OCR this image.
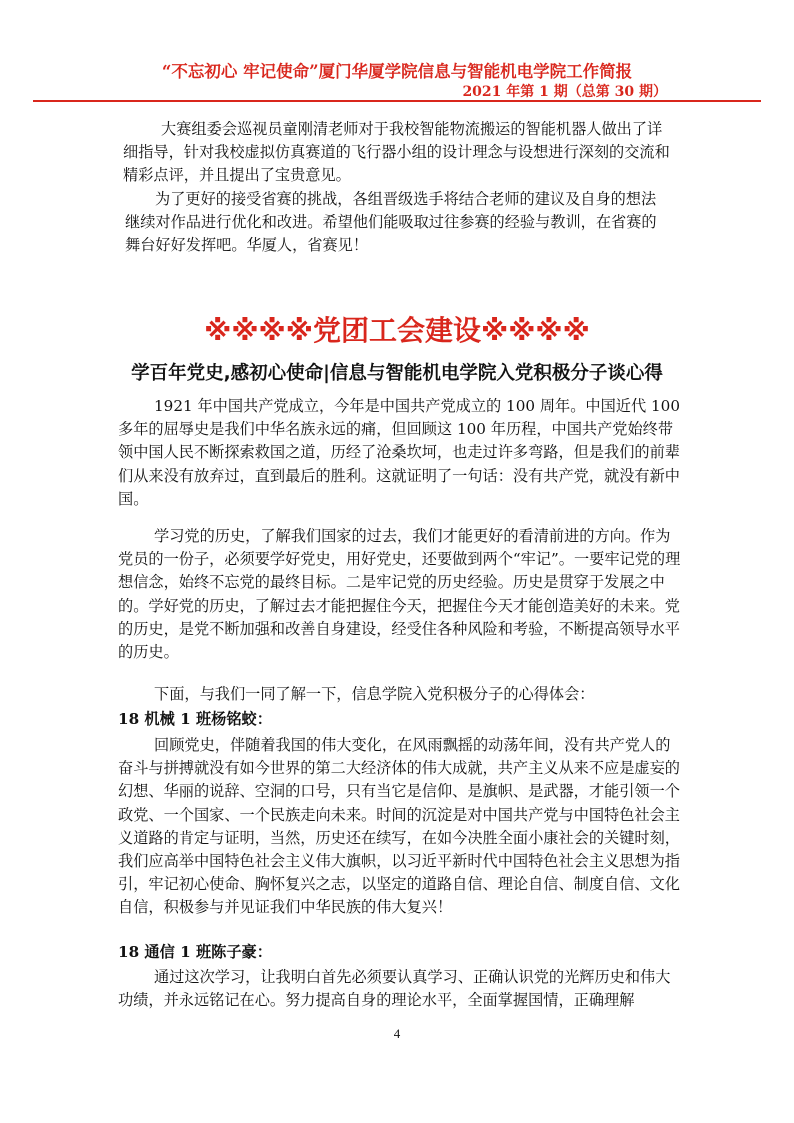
“不忘初心 牢记使命”厦门华厦学院信息与智能机电学院工作简报
2021 年第 1 期（总第 30 期）

大赛组委会巡视员童刚清老师对于我校智能物流搬运的智能机器人做出了详细指导，针对我校虚拟仿真赛道的飞行器小组的设计理念与设想进行深刻的交流和精彩点评，并且提出了宝贵意见。

为了更好的接受省赛的挑战，各组晋级选手将结合老师的建议及自身的想法继续对作品进行优化和改进。希望他们能吸取过往参赛的经验与教训，在省赛的舞台好好发挥吧。华厦人，省赛见！

※※※※党团工会建设※※※※
学百年党史,感初心使命|信息与智能机电学院入党积极分子谈心得

1921 年中国共产党成立，今年是中国共产党成立的 100 周年。中国近代 100 多年的屈辱史是我们中华名族永远的痛，但回顾这 100 年历程，中国共产党始终带领中国人民不断探索救国之道，历经了沧桑坎坷，也走过许多弯路，但是我们的前辈们从来没有放弃过，直到最后的胜利。这就证明了一句话：没有共产党，就没有新中国。

学习党的历史，了解我们国家的过去，我们才能更好的看清前进的方向。作为党员的一份子，必须要学好党史，用好党史，还要做到两个“牢记”。一要牢记党的理想信念，始终不忘党的最终目标。二是牢记党的历史经验。历史是贯穿于发展之中的。学好党的历史，了解过去才能把握住今天，把握住今天才能创造美好的未来。党的历史，是党不断加强和改善自身建设，经受住各种风险和考验，不断提高领导水平的历史。

下面，与我们一同了解一下，信息学院入党积极分子的心得体会：

18 机械 1 班杨铭蛟：

回顾党史，伴随着我国的伟大变化，在风雨飘摇的动荡年间，没有共产党人的奋斗与拼搏就没有如今世界的第二大经济体的伟大成就，共产主义从来不应是虚妄的幻想、华丽的说辞、空洞的口号，只有当它是信仰、是旗帜、是武器，才能引领一个政党、一个国家、一个民族走向未来。时间的沉淀是对中国共产党与中国特色社会主义道路的肯定与证明，当然，历史还在续写，在如今决胜全面小康社会的关键时刻，我们应高举中国特色社会主义伟大旗帜，以习近平新时代中国特色社会主义思想为指引，牢记初心使命、胸怀复兴之志，以坚定的道路自信、理论自信、制度自信、文化自信，积极参与并见证我们中华民族的伟大复兴！

18 通信 1 班陈子豪：

通过这次学习，让我明白首先必须要认真学习、正确认识党的光辉历史和伟大功绩，并永远铭记在心。努力提高自身的理论水平，全面掌握国情，正确理解

4
